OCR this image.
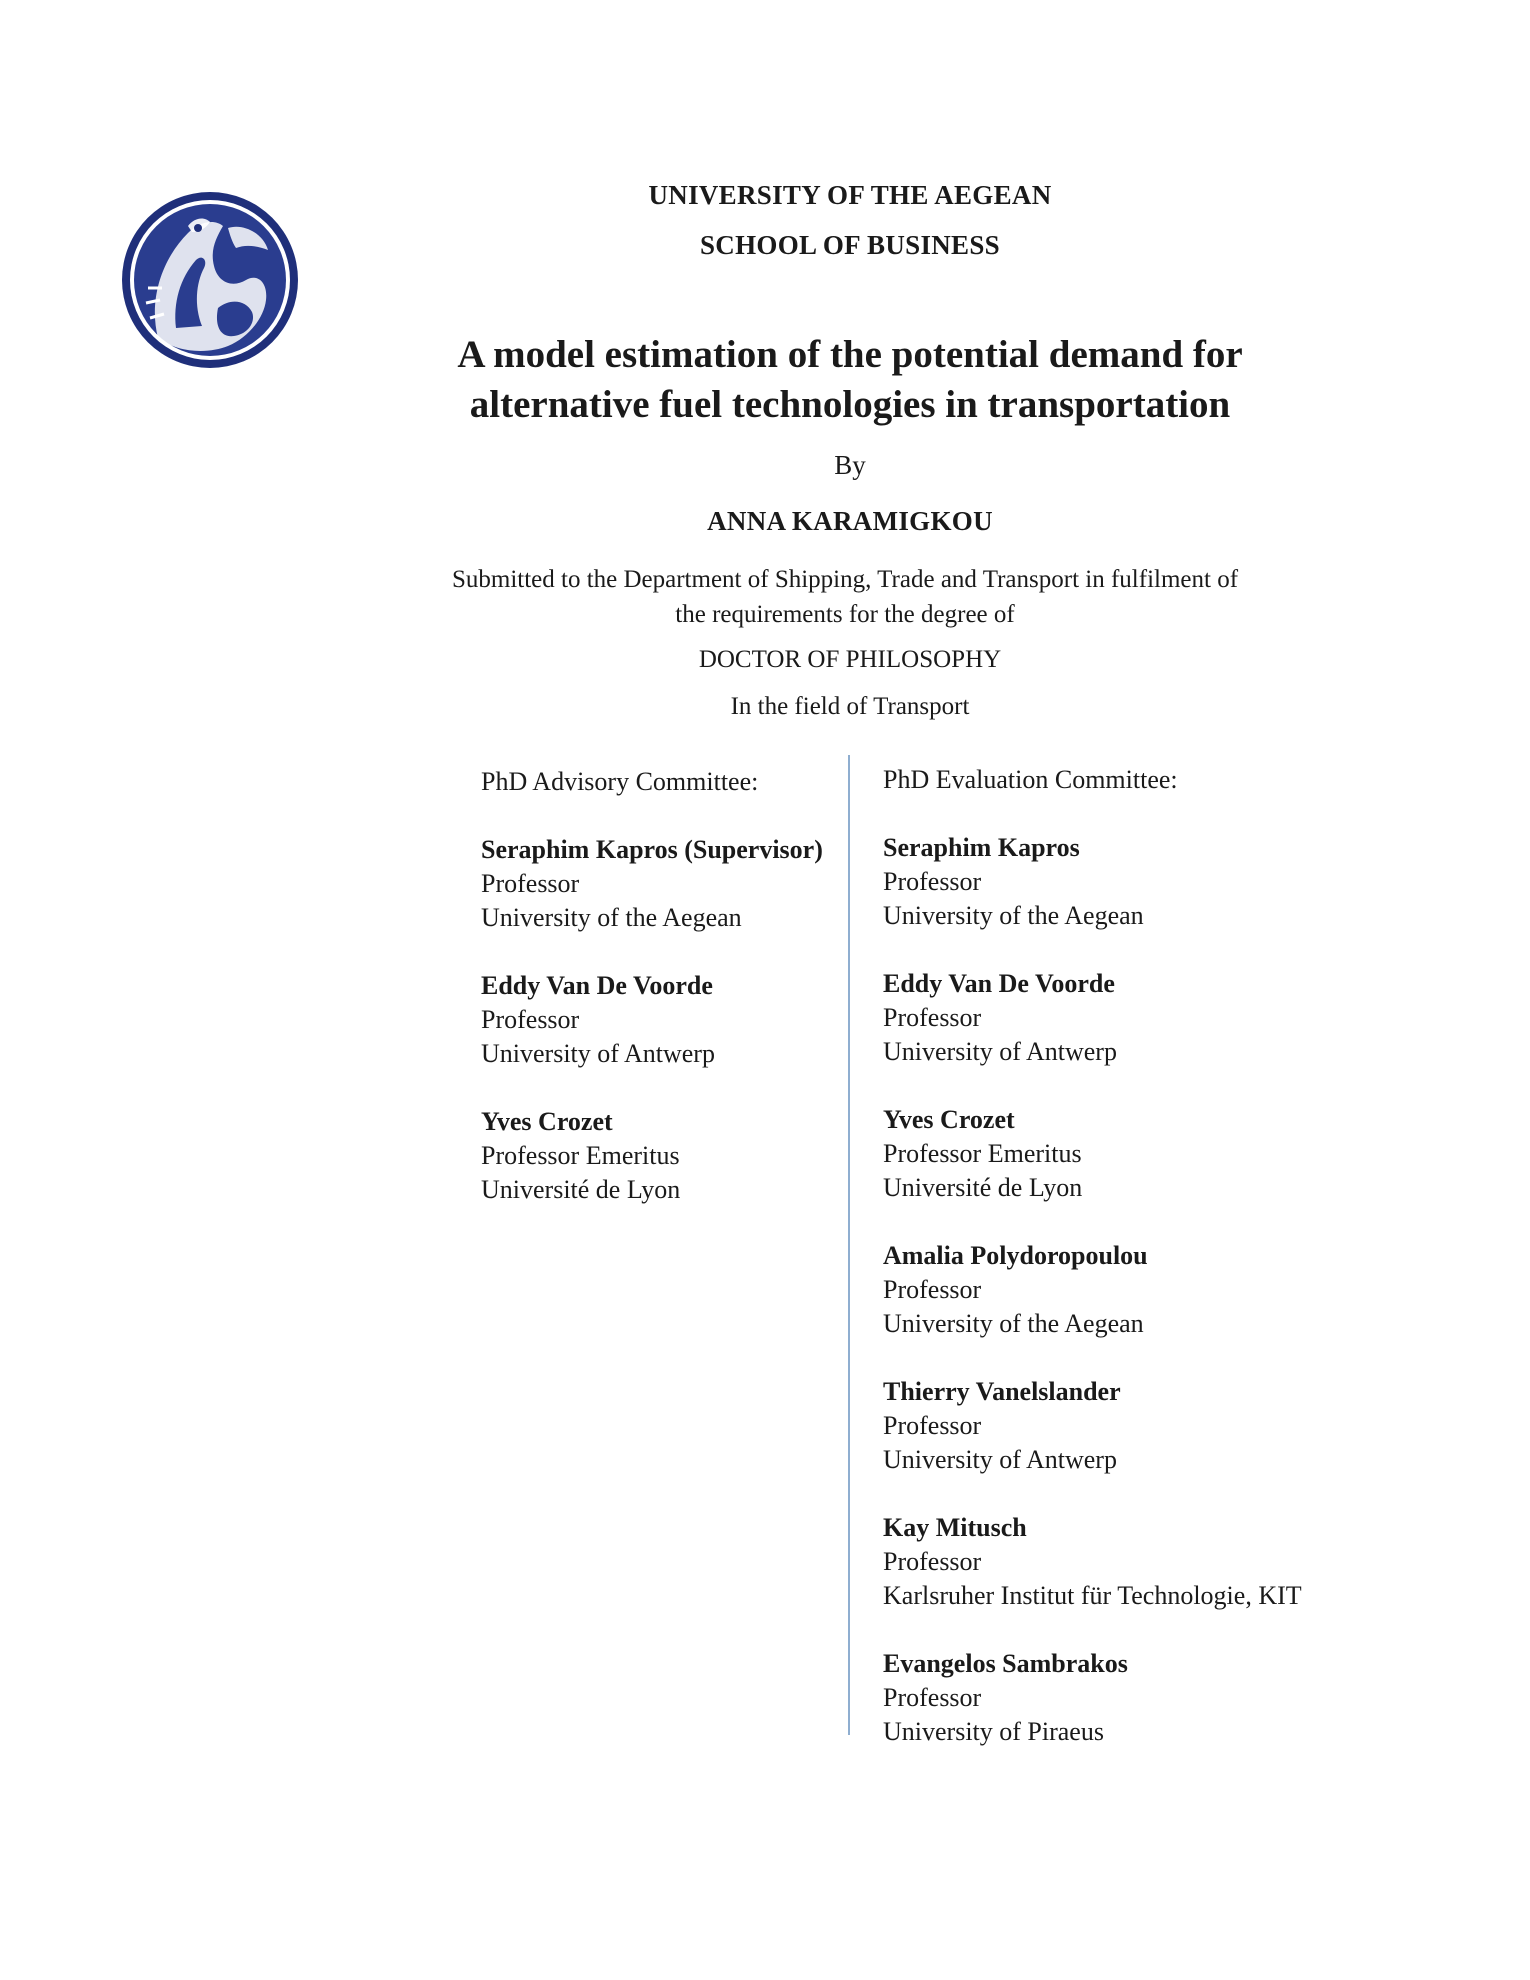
UNIVERSITY OF THE AEGEAN
SCHOOL OF BUSINESS
A model estimation of the potential demand for
alternative fuel technologies in transportation
By
ANNA KARAMIGKOU
Submitted to the Department of Shipping, Trade and Transport in fulfilment of
the requirements for the degree of
DOCTOR OF PHILOSOPHY
In the field of Transport
PhD Advisory Committee:
Seraphim Kapros (Supervisor)
Professor
University of the Aegean
Eddy Van De Voorde
Professor
University of Antwerp
Yves Crozet
Professor Emeritus
Université de Lyon
PhD Evaluation Committee:
Seraphim Kapros
Professor
University of the Aegean
Eddy Van De Voorde
Professor
University of Antwerp
Yves Crozet
Professor Emeritus
Université de Lyon
Amalia Polydoropoulou
Professor
University of the Aegean
Thierry Vanelslander
Professor
University of Antwerp
Kay Mitusch
Professor
Karlsruher Institut für Technologie, KIT
Evangelos Sambrakos
Professor
University of Piraeus
